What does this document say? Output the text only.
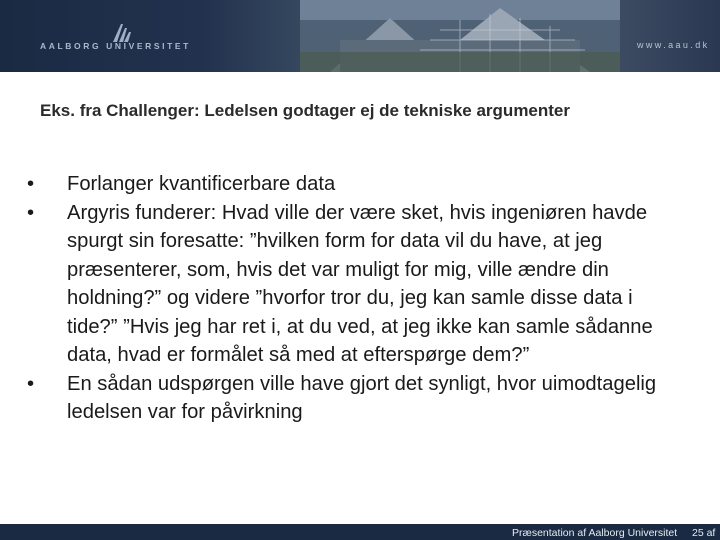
AALBORG UNIVERSITET	www.aau.dk
Eks. fra Challenger: Ledelsen godtager ej de tekniske argumenter
• Forlanger kvantificerbare data
• Argyris funderer: Hvad ville der være sket, hvis ingeniøren havde spurgt sin foresatte: ”hvilken form for data vil du have, at jeg præsenterer, som, hvis det var muligt for mig, ville ændre din holdning?” og videre ”hvorfor tror du, jeg kan samle disse data i tide?” ”Hvis jeg har ret i, at du ved, at jeg ikke kan samle sådanne data, hvad er formålet så med at efterspørge dem?”
• En sådan udspørgen ville have gjort det synligt, hvor uimodtagelig ledelsen var for påvirkning
Præsentation af Aalborg Universitet 25 af
